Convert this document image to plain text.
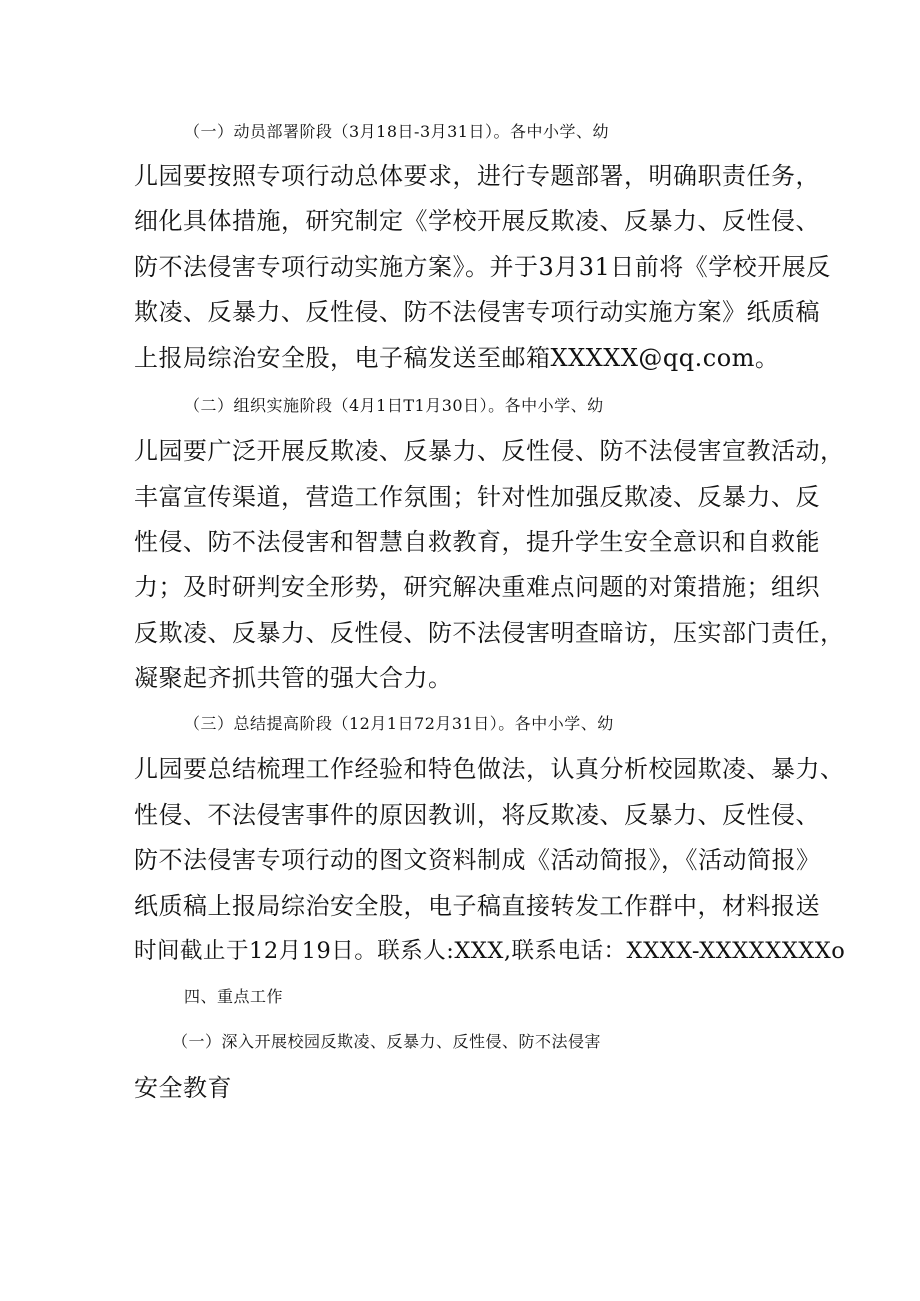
（一）动员部署阶段（3月18日-3月31日）。各中小学、幼
儿园要按照专项行动总体要求，进行专题部署，明确职责任务，
细化具体措施，研究制定《学校开展反欺凌、反暴力、反性侵、
防不法侵害专项行动实施方案》。并于3月31日前将《学校开展反
欺凌、反暴力、反性侵、防不法侵害专项行动实施方案》纸质稿
上报局综治安全股，电子稿发送至邮箱XXXXX@qq.com。
（二）组织实施阶段（4月1日T1月30日）。各中小学、幼
儿园要广泛开展反欺凌、反暴力、反性侵、防不法侵害宣教活动，
丰富宣传渠道，营造工作氛围；针对性加强反欺凌、反暴力、反
性侵、防不法侵害和智慧自救教育，提升学生安全意识和自救能
力；及时研判安全形势，研究解决重难点问题的对策措施；组织
反欺凌、反暴力、反性侵、防不法侵害明查暗访，压实部门责任，
凝聚起齐抓共管的强大合力。
（三）总结提高阶段（12月1日72月31日）。各中小学、幼
儿园要总结梳理工作经验和特色做法，认真分析校园欺凌、暴力、
性侵、不法侵害事件的原因教训，将反欺凌、反暴力、反性侵、
防不法侵害专项行动的图文资料制成《活动简报》，《活动简报》
纸质稿上报局综治安全股，电子稿直接转发工作群中，材料报送
时间截止于12月19日。联系人:XXX,联系电话：XXXX-XXXXXXXXo
四、重点工作
（一）深入开展校园反欺凌、反暴力、反性侵、防不法侵害
安全教育
